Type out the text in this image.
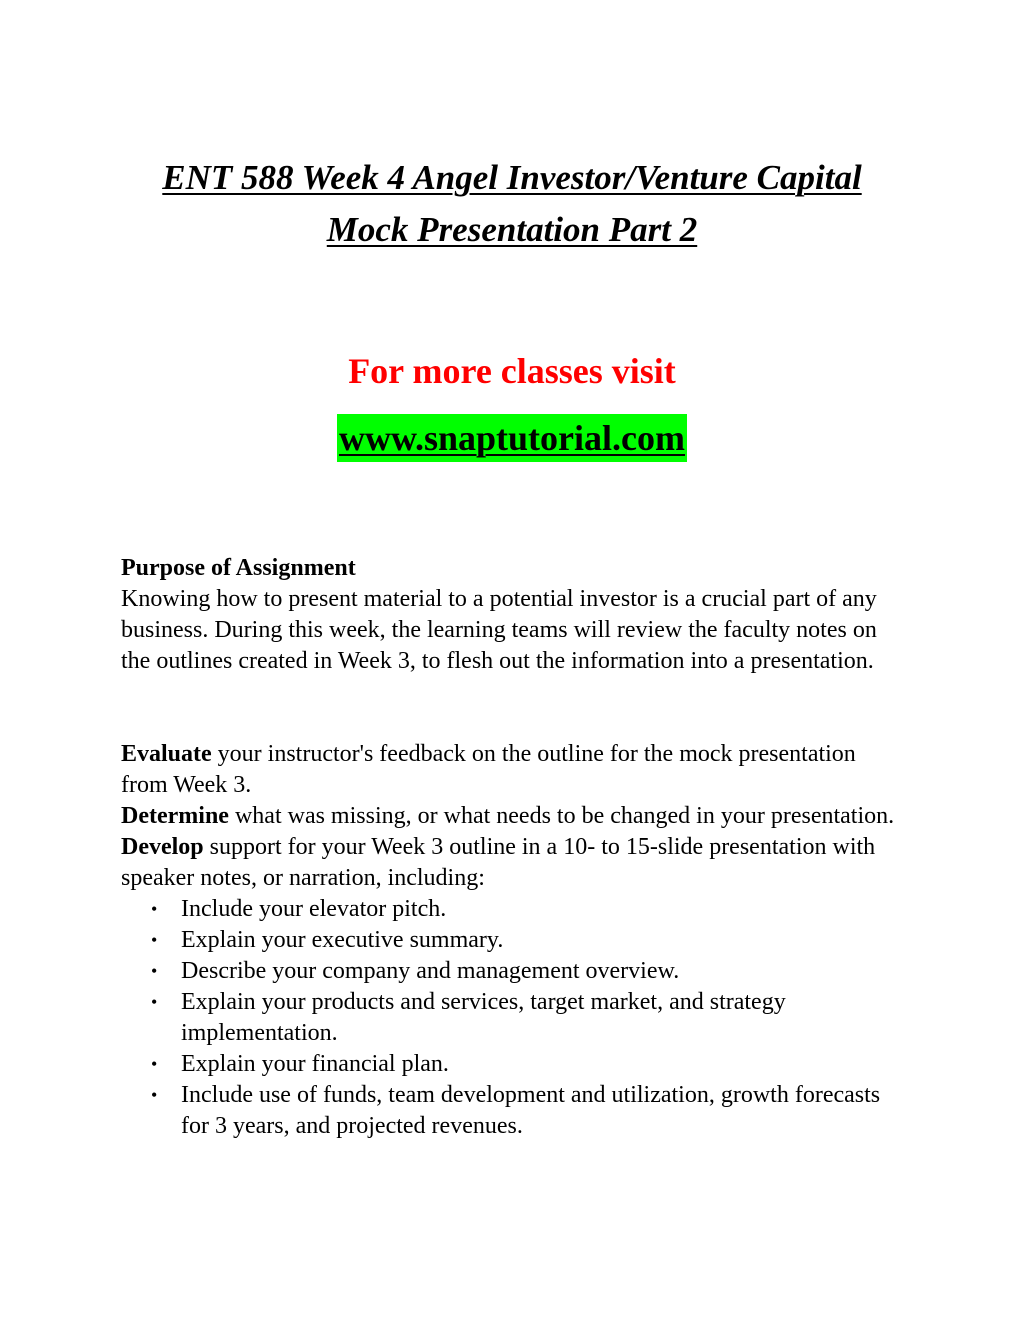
ENT 588 Week 4 Angel Investor/Venture Capital
Mock Presentation Part 2
For more classes visit
www.snaptutorial.com

Purpose of Assignment

Knowing how to present material to a potential investor is a crucial part of any business. During this week, the learning teams will review the faculty notes on the outlines created in Week 3, to flesh out the information into a presentation.

Evaluate your instructor's feedback on the outline for the mock presentation from Week 3.

Determine what was missing, or what needs to be changed in your presentation.

Develop support for your Week 3 outline in a 10- to 15-slide presentation with speaker notes, or narration, including:

• Include your elevator pitch.
• Explain your executive summary.
• Describe your company and management overview.
• Explain your products and services, target market, and strategy implementation.
• Explain your financial plan.
• Include use of funds, team development and utilization, growth forecasts for 3 years, and projected revenues.
